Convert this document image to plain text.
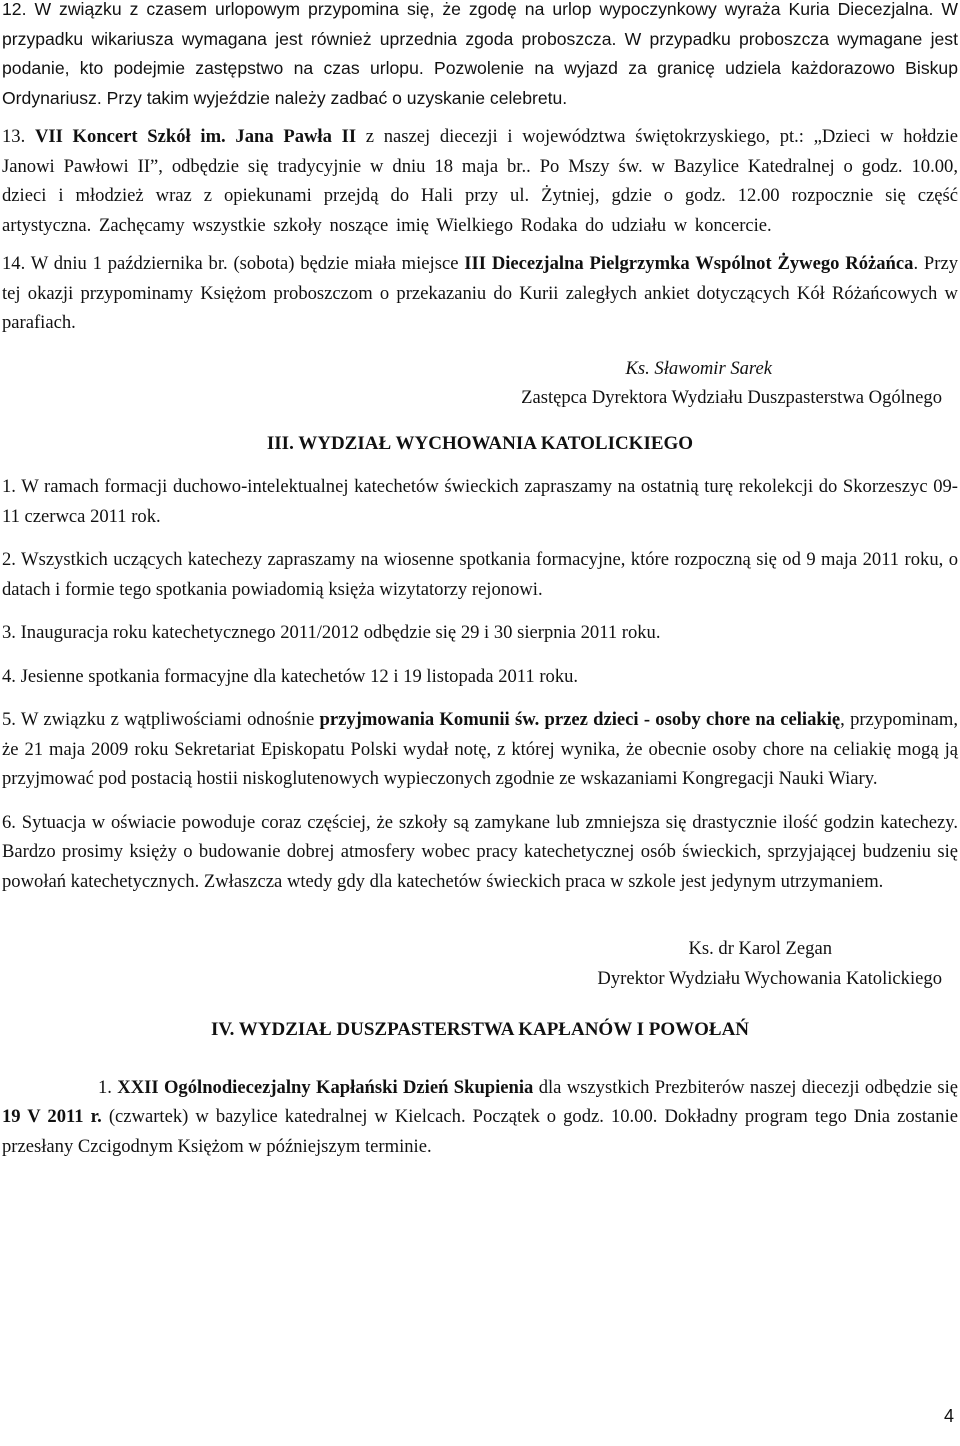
12. W związku z czasem urlopowym przypomina się, że zgodę na urlop wypoczynkowy wyraża Kuria Diecezjalna. W przypadku wikariusza wymagana jest również uprzednia zgoda proboszcza. W przypadku proboszcza wymagane jest podanie, kto podejmie zastępstwo na czas urlopu. Pozwolenie na wyjazd za granicę udziela każdorazowo Biskup Ordynariusz. Przy takim wyjeździe należy zadbać o uzyskanie celebretu.

13. VII Koncert Szkół im. Jana Pawła II z naszej diecezji i województwa świętokrzyskiego, pt.: „Dzieci w hołdzie Janowi Pawłowi II”, odbędzie się tradycyjnie w dniu 18 maja br.. Po Mszy św. w Bazylice Katedralnej o godz. 10.00, dzieci i młodzież wraz z opiekunami przejdą do Hali przy ul. Żytniej, gdzie o godz. 12.00 rozpocznie się część artystyczna. Zachęcamy wszystkie szkoły noszące imię Wielkiego Rodaka do udziału w koncercie.

14. W dniu 1 października br. (sobota) będzie miała miejsce III Diecezjalna Pielgrzymka Wspólnot Żywego Różańca. Przy tej okazji przypominamy Księżom proboszczom o przekazaniu do Kurii zaległych ankiet dotyczących Kół Różańcowych w parafiach.

Ks. Sławomir Sarek

Zastępca Dyrektora Wydziału Duszpasterstwa Ogólnego

III. WYDZIAŁ WYCHOWANIA KATOLICKIEGO

1. W ramach formacji duchowo-intelektualnej katechetów świeckich zapraszamy na ostatnią turę rekolekcji do Skorzeszyc 09-11 czerwca 2011 rok.

2. Wszystkich uczących katechezy zapraszamy na wiosenne spotkania formacyjne, które rozpoczną się od 9 maja 2011 roku, o datach i formie tego spotkania powiadomią księża wizytatorzy rejonowi.

3. Inauguracja roku katechetycznego 2011/2012 odbędzie się 29 i 30 sierpnia 2011 roku.

4. Jesienne spotkania formacyjne dla katechetów 12 i 19 listopada 2011 roku.

5. W związku z wątpliwościami odnośnie przyjmowania Komunii św. przez dzieci - osoby chore na celiakię, przypominam, że 21 maja 2009 roku Sekretariat Episkopatu Polski wydał notę, z której wynika, że obecnie osoby chore na celiakię mogą ją przyjmować pod postacią hostii niskoglutenowych wypieczonych zgodnie ze wskazaniami Kongregacji Nauki Wiary.

6. Sytuacja w oświacie powoduje coraz częściej, że szkoły są zamykane lub zmniejsza się drastycznie ilość godzin katechezy. Bardzo prosimy księży o budowanie dobrej atmosfery wobec pracy katechetycznej osób świeckich, sprzyjającej budzeniu się powołań katechetycznych. Zwłaszcza wtedy gdy dla katechetów świeckich praca w szkole jest jedynym utrzymaniem.

Ks. dr Karol Zegan

Dyrektor Wydziału Wychowania Katolickiego

IV. WYDZIAŁ DUSZPASTERSTWA KAPŁANÓW I POWOŁAŃ

1. XXII Ogólnodiecezjalny Kapłański Dzień Skupienia dla wszystkich Prezbiterów naszej diecezji odbędzie się 19 V 2011 r. (czwartek) w bazylice katedralnej w Kielcach. Początek o godz. 10.00. Dokładny program tego Dnia zostanie przesłany Czcigodnym Księżom w późniejszym terminie.

4
